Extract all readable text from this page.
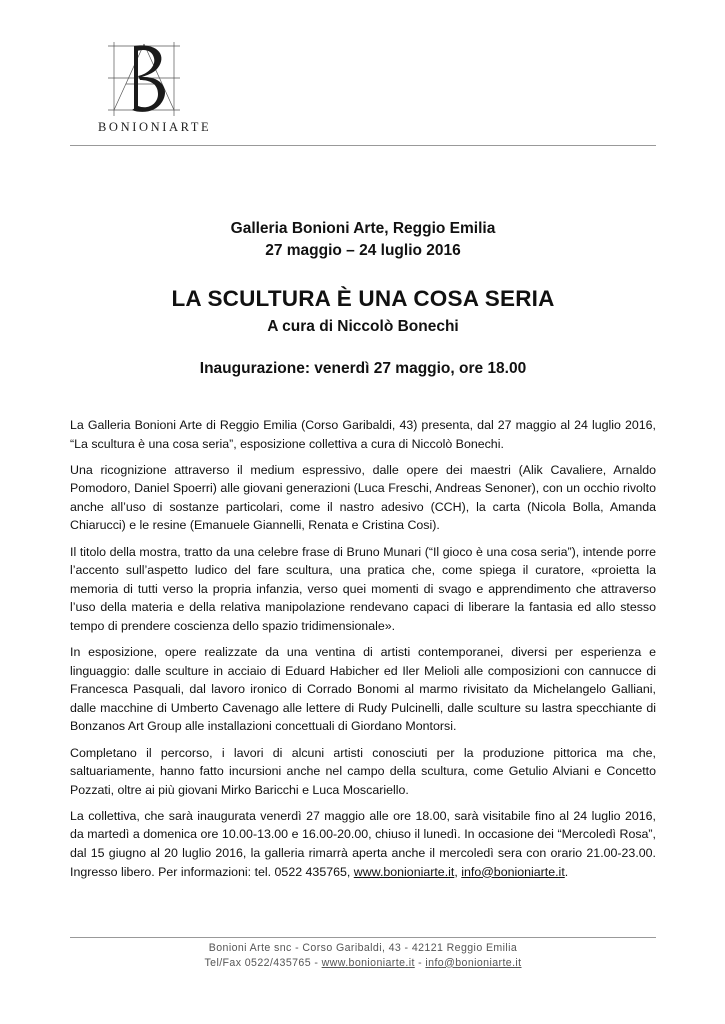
BONIONIARTE
Galleria Bonioni Arte, Reggio Emilia
27 maggio – 24 luglio 2016
LA SCULTURA È UNA COSA SERIA
A cura di Niccolò Bonechi
Inaugurazione: venerdì 27 maggio, ore 18.00

La Galleria Bonioni Arte di Reggio Emilia (Corso Garibaldi, 43) presenta, dal 27 maggio al 24 luglio 2016, “La scultura è una cosa seria”, esposizione collettiva a cura di Niccolò Bonechi.

Una ricognizione attraverso il medium espressivo, dalle opere dei maestri (Alik Cavaliere, Arnaldo Pomodoro, Daniel Spoerri) alle giovani generazioni (Luca Freschi, Andreas Senoner), con un occhio rivolto anche all’uso di sostanze particolari, come il nastro adesivo (CCH), la carta (Nicola Bolla, Amanda Chiarucci) e le resine (Emanuele Giannelli, Renata e Cristina Cosi).

Il titolo della mostra, tratto da una celebre frase di Bruno Munari (“Il gioco è una cosa seria”), intende porre l’accento sull’aspetto ludico del fare scultura, una pratica che, come spiega il curatore, «proietta la memoria di tutti verso la propria infanzia, verso quei momenti di svago e apprendimento che attraverso l’uso della materia e della relativa manipolazione rendevano capaci di liberare la fantasia ed allo stesso tempo di prendere coscienza dello spazio tridimensionale».

In esposizione, opere realizzate da una ventina di artisti contemporanei, diversi per esperienza e linguaggio: dalle sculture in acciaio di Eduard Habicher ed Iler Melioli alle composizioni con cannucce di Francesca Pasquali, dal lavoro ironico di Corrado Bonomi al marmo rivisitato da Michelangelo Galliani, dalle macchine di Umberto Cavenago alle lettere di Rudy Pulcinelli, dalle sculture su lastra specchiante di Bonzanos Art Group alle installazioni concettuali di Giordano Montorsi.

Completano il percorso, i lavori di alcuni artisti conosciuti per la produzione pittorica ma che, saltuariamente, hanno fatto incursioni anche nel campo della scultura, come Getulio Alviani e Concetto Pozzati, oltre ai più giovani Mirko Baricchi e Luca Moscariello.

La collettiva, che sarà inaugurata venerdì 27 maggio alle ore 18.00, sarà visitabile fino al 24 luglio 2016, da martedì a domenica ore 10.00-13.00 e 16.00-20.00, chiuso il lunedì. In occasione dei “Mercoledì Rosa”, dal 15 giugno al 20 luglio 2016, la galleria rimarrà aperta anche il mercoledì sera con orario 21.00-23.00. Ingresso libero. Per informazioni: tel. 0522 435765, www.bonioniarte.it, info@bonioniarte.it.

Bonioni Arte snc - Corso Garibaldi, 43 - 42121 Reggio Emilia
Tel/Fax 0522/435765 - www.bonioniarte.it - info@bonioniarte.it
